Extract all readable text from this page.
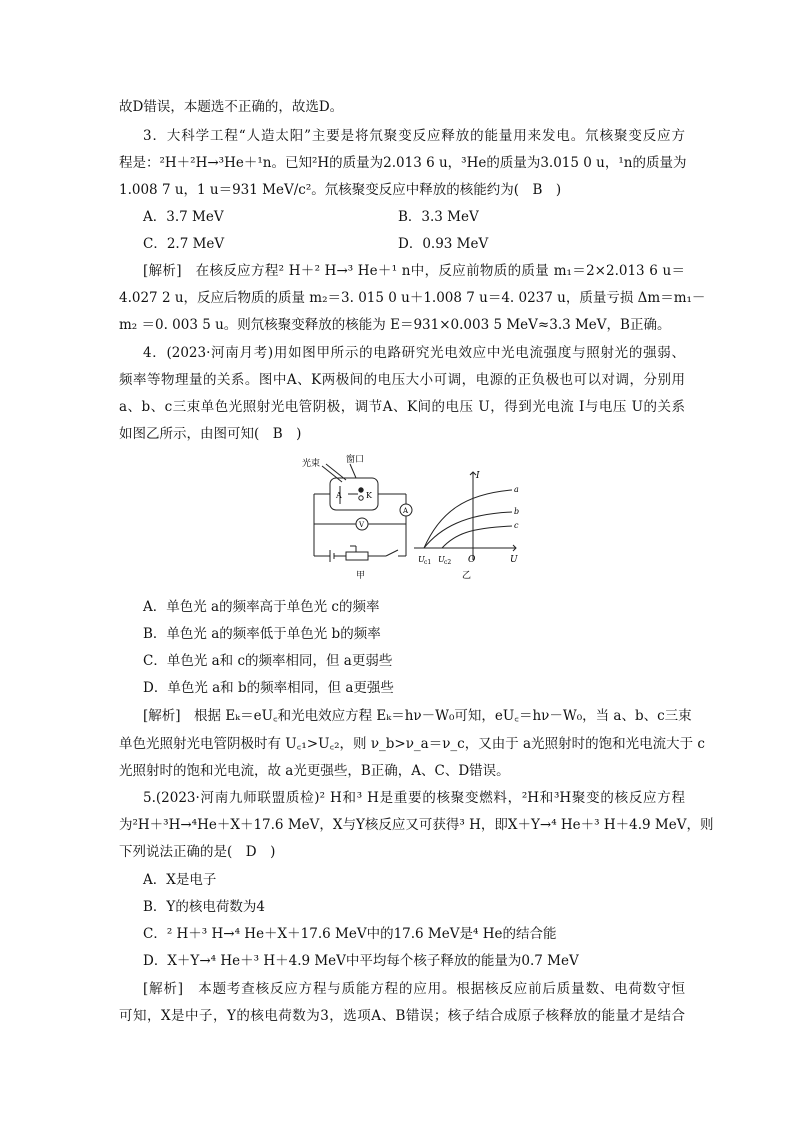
故D错误，本题选不正确的，故选D。
3．大科学工程“人造太阳”主要是将氘聚变反应释放的能量用来发电。氘核聚变反应方
程是：²H＋²H→³He＋¹n。已知²H的质量为2.013 6 u，³He的质量为3.015 0 u，¹n的质量为
1.008 7 u，1 u＝931 MeV/c²。氘核聚变反应中释放的核能约为(　B　)
A．3.7 MeV	B．3.3 MeV
C．2.7 MeV	D．0.93 MeV
[解析]　在核反应方程² H＋² H→³ He＋¹ n中，反应前物质的质量 m₁＝2×2.013 6 u＝
4.027 2 u，反应后物质的质量 m₂＝3. 015 0 u＋1.008 7 u＝4. 0237 u，质量亏损 Δm＝m₁－
m₂ ＝0. 003 5 u。则氘核聚变释放的核能为 E＝931×0.003 5 MeV≈3.3 MeV，B正确。
4．(2023·河南月考)用如图甲所示的电路研究光电效应中光电流强度与照射光的强弱、
频率等物理量的关系。图中A、K两极间的电压大小可调，电源的正负极也可以对调，分别用
a、b、c三束单色光照射光电管阴极，调节A、K间的电压 U，得到光电流 I与电压 U的关系
如图乙所示，由图可知(　B　)
光束	窗口
A	K
V
A
甲
I
U
O
U c1 U c2
a
b
c
乙
A．单色光 a的频率高于单色光 c的频率
B．单色光 a的频率低于单色光 b的频率
C．单色光 a和 c的频率相同，但 a更弱些
D．单色光 a和 b的频率相同，但 a更强些
[解析]　根据 Eₖ＝eU꜀和光电效应方程 Eₖ＝hν－W₀可知，eU꜀＝hν－W₀，当 a、b、c三束
单色光照射光电管阴极时有 U꜀₁>U꜀₂，则 ν_b>ν_a＝ν_c，又由于 a光照射时的饱和光电流大于 c
光照射时的饱和光电流，故 a光更强些，B正确，A、C、D错误。
5.(2023·河南九师联盟质检)² H和³ H是重要的核聚变燃料，²H和³H聚变的核反应方程
为²H＋³H→⁴He＋X＋17.6 MeV，X与Y核反应又可获得³ H，即X＋Y→⁴ He＋³ H＋4.9 MeV，则
下列说法正确的是(　D　)
A．X是电子
B．Y的核电荷数为4
C．² H＋³ H→⁴ He＋X＋17.6 MeV中的17.6 MeV是⁴ He的结合能
D．X＋Y→⁴ He＋³ H＋4.9 MeV中平均每个核子释放的能量为0.7 MeV
[解析]　本题考查核反应方程与质能方程的应用。根据核反应前后质量数、电荷数守恒
可知，X是中子，Y的核电荷数为3，选项A、B错误；核子结合成原子核释放的能量才是结合
